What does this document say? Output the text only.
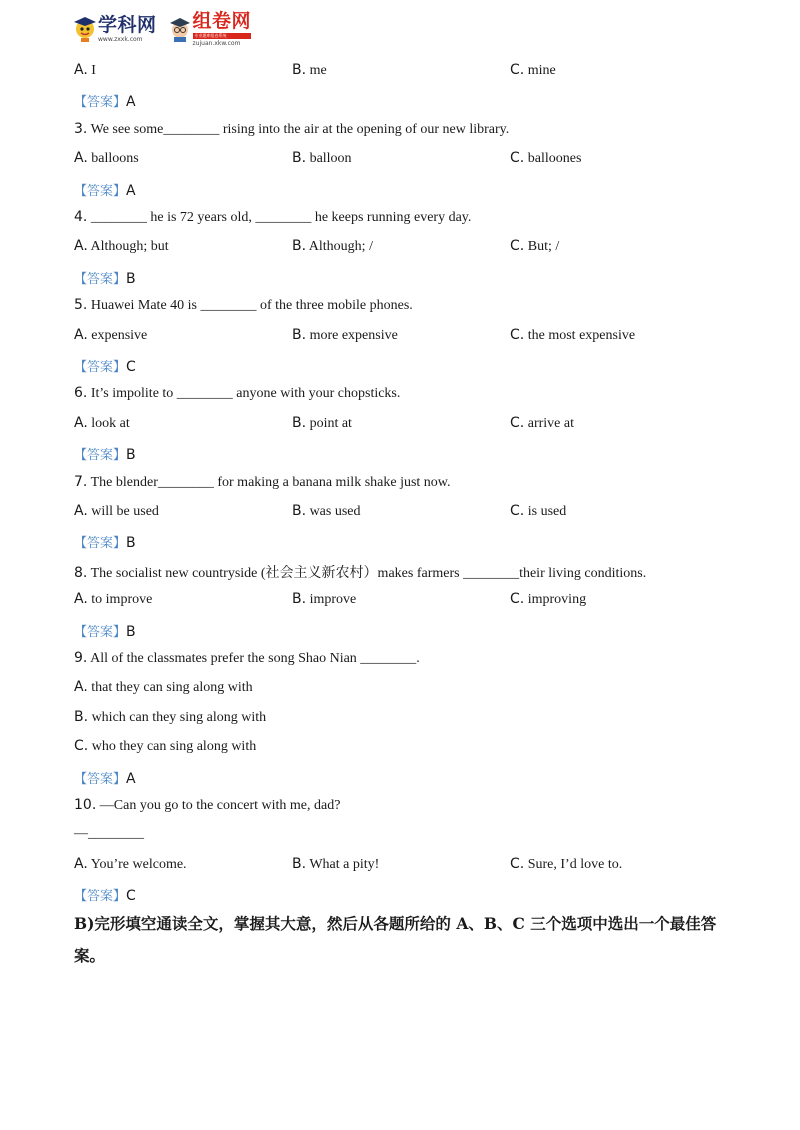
学科网
www.zxxk.com
组卷网
专业题库组卷系统
zujuan.xkw.com
A. I	B. me	C. mine
【答案】A
3. We see some________ rising into the air at the opening of our new library.
A. balloons	B. balloon	C. balloones
【答案】A
4. ________ he is 72 years old, ________ he keeps running every day.
A. Although; but	B. Although; /	C. But; /
【答案】B
5. Huawei Mate 40 is ________ of the three mobile phones.
A. expensive	B. more expensive	C. the most expensive
【答案】C
6. It’s impolite to ________ anyone with your chopsticks.
A. look at	B. point at	C. arrive at
【答案】B
7. The blender________ for making a banana milk shake just now.
A. will be used	B. was used	C. is used
【答案】B
8. The socialist new countryside (社会主义新农村）makes farmers ________their living conditions.
A. to improve	B. improve	C. improving
【答案】B
9. All of the classmates prefer the song Shao Nian ________.
A. that they can sing along with
B. which can they sing along with
C. who they can sing along with
【答案】A
10. —Can you go to the concert with me, dad?
—________
A. You’re welcome.	B. What a pity!	C. Sure, I’d love to.
【答案】C
B)完形填空通读全文，掌握其大意，然后从各题所给的 A、B、C 三个选项中选出一个最佳答案。
